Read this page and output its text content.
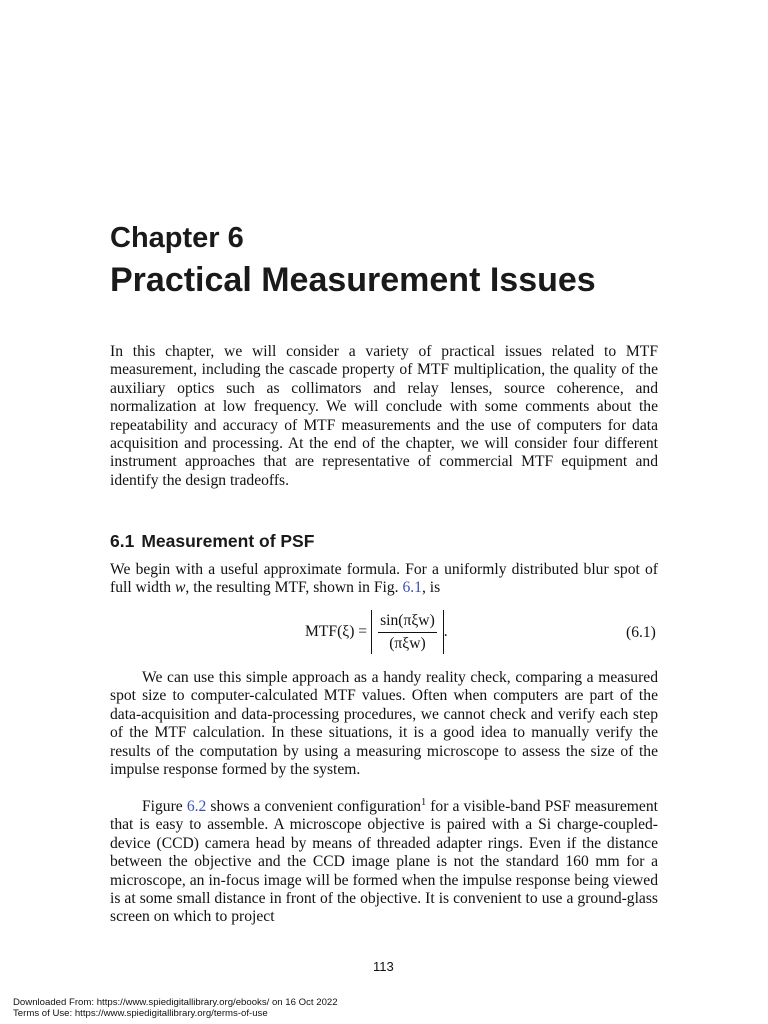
Chapter 6
Practical Measurement Issues

In this chapter, we will consider a variety of practical issues related to MTF measurement, including the cascade property of MTF multiplication, the quality of the auxiliary optics such as collimators and relay lenses, source coherence, and normalization at low frequency. We will conclude with some comments about the repeatability and accuracy of MTF measurements and the use of computers for data acquisition and processing. At the end of the chapter, we will consider four different instrument approaches that are representative of commercial MTF equipment and identify the design tradeoffs.

6.1 Measurement of PSF

We begin with a useful approximate formula. For a uniformly distributed blur spot of full width w, the resulting MTF, shown in Fig. 6.1, is

$MTF(\xi) = \frac{\text{sin(πξw)}}{\text{(πξw)}}$ .	(6.1)

We can use this simple approach as a handy reality check, comparing a measured spot size to computer-calculated MTF values. Often when computers are part of the data-acquisition and data-processing procedures, we cannot check and verify each step of the MTF calculation. In these situations, it is a good idea to manually verify the results of the computation by using a measuring microscope to assess the size of the impulse response formed by the system.

Figure 6.2 shows a convenient configuration$^1$ for a visible-band PSF measurement that is easy to assemble. A microscope objective is paired with a Si charge-coupled-device (CCD) camera head by means of threaded adapter rings. Even if the distance between the objective and the CCD image plane is not the standard 160 mm for a microscope, an in-focus image will be formed when the impulse response being viewed is at some small distance in front of the objective. It is convenient to use a ground-glass screen on which to project

113
Downloaded From: https://www.spiedigitallibrary.org/ebooks/ on 16 Oct 2022
Terms of Use: https://www.spiedigitallibrary.org/terms-of-use
